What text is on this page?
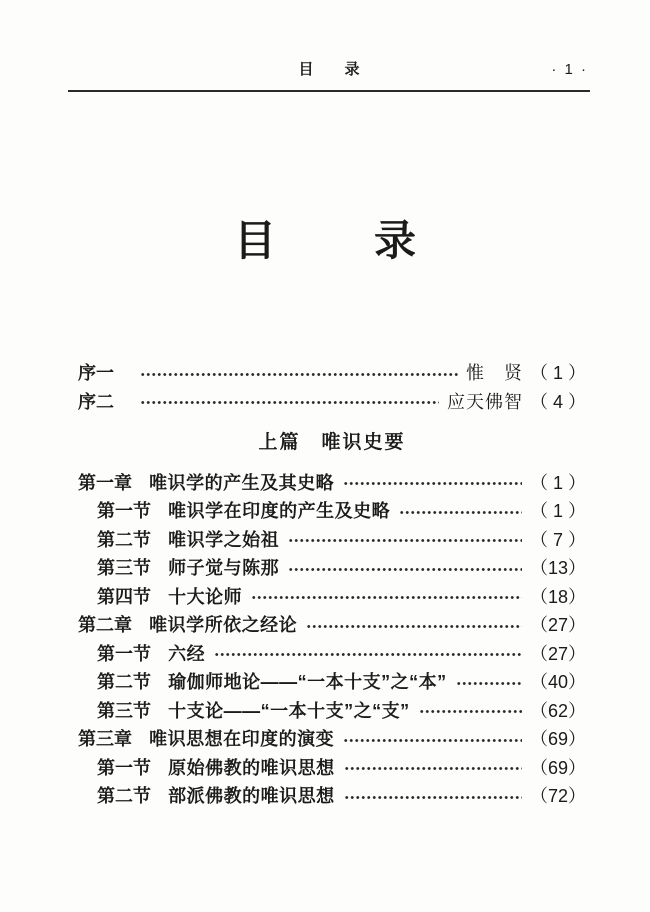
目　录	· 1 ·
目　录
序一	惟　贤 （ 1 ）
序二	应天佛智 （ 4 ）
上篇　唯识史要
第一章 唯识学的产生及其史略	（ 1 ）
第一节 唯识学在印度的产生及史略	（ 1 ）
第二节 唯识学之始祖	（ 7 ）
第三节 师子觉与陈那	（13）
第四节 十大论师	（18）
第二章 唯识学所依之经论	（27）
第一节 六经	（27）
第二节 瑜伽师地论——“一本十支”之“本”	（40）
第三节 十支论——“一本十支”之“支”	（62）
第三章 唯识思想在印度的演变	（69）
第一节 原始佛教的唯识思想	（69）
第二节 部派佛教的唯识思想	（72）
